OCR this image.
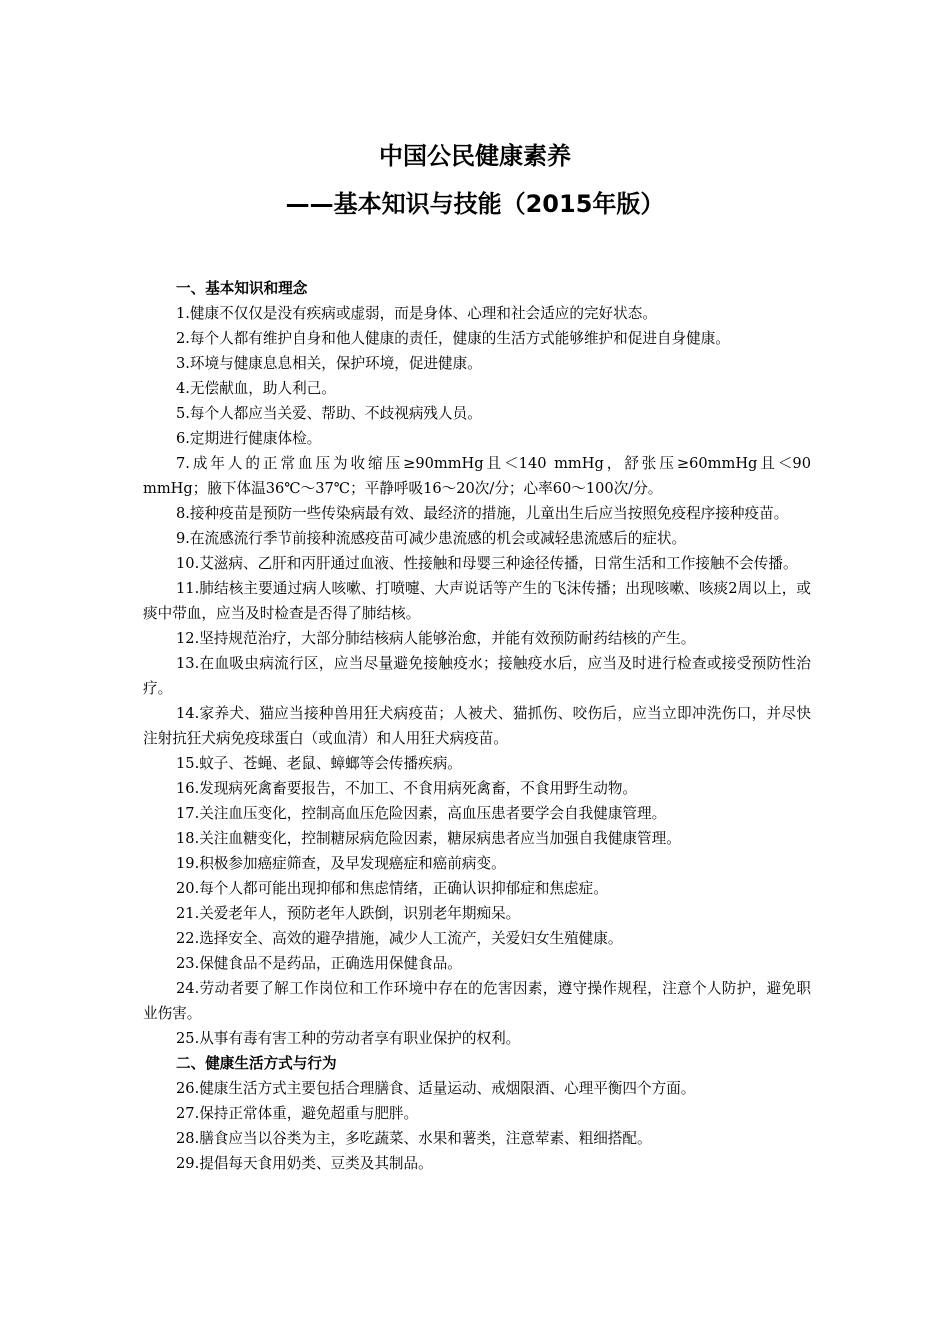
中国公民健康素养
——基本知识与技能（2015年版）

一、基本知识和理念

1.健康不仅仅是没有疾病或虚弱，而是身体、心理和社会适应的完好状态。

2.每个人都有维护自身和他人健康的责任，健康的生活方式能够维护和促进自身健康。

3.环境与健康息息相关，保护环境，促进健康。

4.无偿献血，助人利己。

5.每个人都应当关爱、帮助、不歧视病残人员。

6.定期进行健康体检。

7.成年人的正常血压为收缩压≥90mmHg且＜140 mmHg，舒张压≥60mmHg且＜90 mmHg；腋下体温36℃～37℃；平静呼吸16～20次/分；心率60～100次/分。

8.接种疫苗是预防一些传染病最有效、最经济的措施，儿童出生后应当按照免疫程序接种疫苗。

9.在流感流行季节前接种流感疫苗可减少患流感的机会或减轻患流感后的症状。

10.艾滋病、乙肝和丙肝通过血液、性接触和母婴三种途径传播，日常生活和工作接触不会传播。

11.肺结核主要通过病人咳嗽、打喷嚏、大声说话等产生的飞沫传播；出现咳嗽、咳痰2周以上，或痰中带血，应当及时检查是否得了肺结核。

12.坚持规范治疗，大部分肺结核病人能够治愈，并能有效预防耐药结核的产生。

13.在血吸虫病流行区，应当尽量避免接触疫水；接触疫水后，应当及时进行检查或接受预防性治疗。

14.家养犬、猫应当接种兽用狂犬病疫苗；人被犬、猫抓伤、咬伤后，应当立即冲洗伤口，并尽快注射抗狂犬病免疫球蛋白（或血清）和人用狂犬病疫苗。

15.蚊子、苍蝇、老鼠、蟑螂等会传播疾病。

16.发现病死禽畜要报告，不加工、不食用病死禽畜，不食用野生动物。

17.关注血压变化，控制高血压危险因素，高血压患者要学会自我健康管理。

18.关注血糖变化，控制糖尿病危险因素，糖尿病患者应当加强自我健康管理。

19.积极参加癌症筛查，及早发现癌症和癌前病变。

20.每个人都可能出现抑郁和焦虑情绪，正确认识抑郁症和焦虑症。

21.关爱老年人，预防老年人跌倒，识别老年期痴呆。

22.选择安全、高效的避孕措施，减少人工流产，关爱妇女生殖健康。

23.保健食品不是药品，正确选用保健食品。

24.劳动者要了解工作岗位和工作环境中存在的危害因素，遵守操作规程，注意个人防护，避免职业伤害。

25.从事有毒有害工种的劳动者享有职业保护的权利。

二、健康生活方式与行为

26.健康生活方式主要包括合理膳食、适量运动、戒烟限酒、心理平衡四个方面。

27.保持正常体重，避免超重与肥胖。

28.膳食应当以谷类为主，多吃蔬菜、水果和薯类，注意荤素、粗细搭配。

29.提倡每天食用奶类、豆类及其制品。
